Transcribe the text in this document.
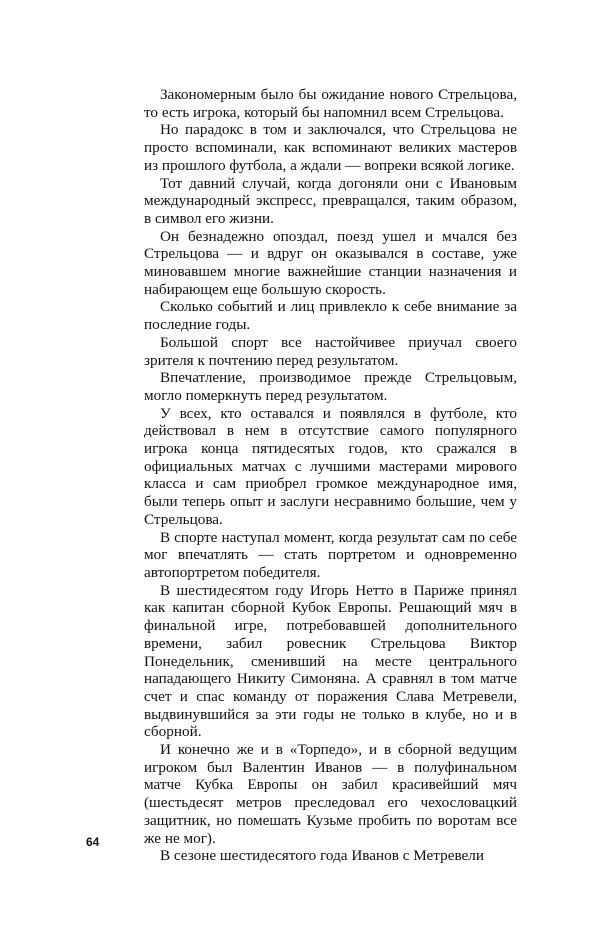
Закономерным было бы ожидание нового Стрельцова, то есть игрока, который бы напомнил всем Стрельцова.

Но парадокс в том и заключался, что Стрельцова не просто вспоминали, как вспоминают великих мастеров из прошлого футбола, а ждали — вопреки всякой логике.

Тот давний случай, когда догоняли они с Ивановым международный экспресс, превращался, таким образом, в символ его жизни.

Он безнадежно опоздал, поезд ушел и мчался без Стрельцова — и вдруг он оказывался в составе, уже миновавшем многие важнейшие станции назначения и набирающем еще большую скорость.

Сколько событий и лиц привлекло к себе внимание за последние годы.

Большой спорт все настойчивее приучал своего зрителя к почтению перед результатом.

Впечатление, производимое прежде Стрельцовым, могло померкнуть перед результатом.

У всех, кто оставался и появлялся в футболе, кто действовал в нем в отсутствие самого популярного игрока конца пятидесятых годов, кто сражался в официальных матчах с лучшими мастерами мирового класса и сам приобрел громкое международное имя, были теперь опыт и заслуги несравнимо большие, чем у Стрельцова.

В спорте наступал момент, когда результат сам по себе мог впечатлять — стать портретом и одновременно автопортретом победителя.

В шестидесятом году Игорь Нетто в Париже принял как капитан сборной Кубок Европы. Решающий мяч в финальной игре, потребовавшей дополнительного времени, забил ровесник Стрельцова Виктор Понедельник, сменивший на месте центрального нападающего Никиту Симоняна. А сравнял в том матче счет и спас команду от поражения Слава Метревели, выдвинувшийся за эти годы не только в клубе, но и в сборной.

И конечно же и в «Торпедо», и в сборной ведущим игроком был Валентин Иванов — в полуфинальном матче Кубка Европы он забил красивейший мяч (шестьдесят метров преследовал его чехословацкий защитник, но помешать Кузьме пробить по воротам все же не мог).

В сезоне шестидесятого года Иванов с Метревели

64
